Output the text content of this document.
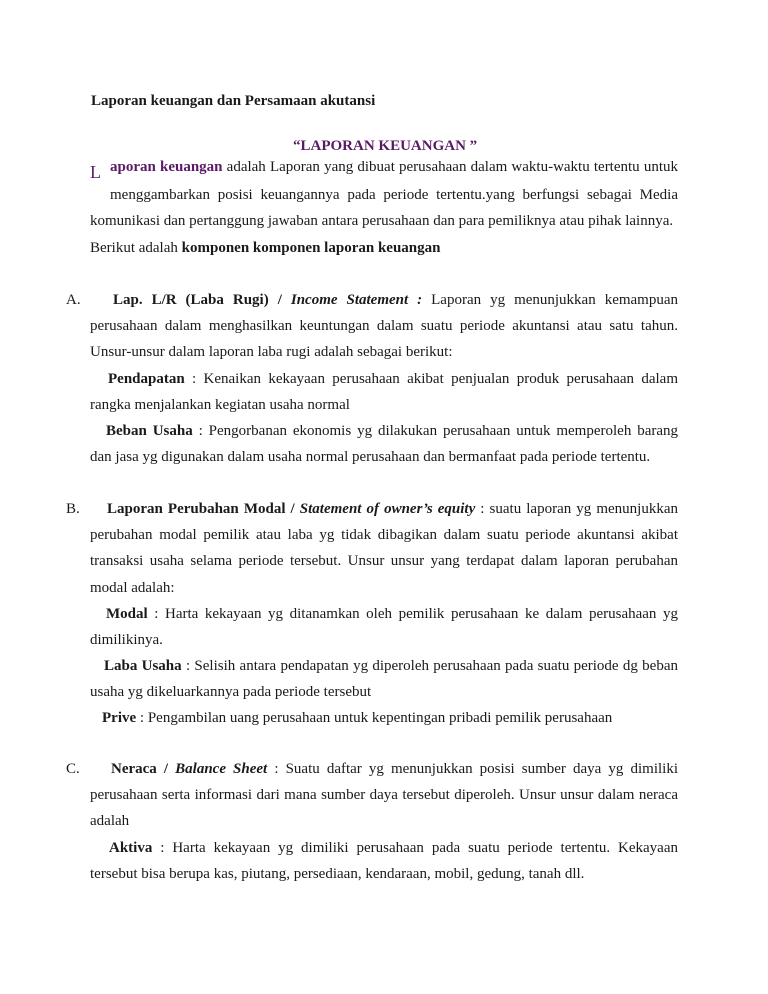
Laporan keuangan dan Persamaan akutansi
“LAPORAN KEUANGAN ”
L aporan keuangan adalah Laporan yang dibuat perusahaan dalam waktu-waktu tertentu untuk
menggambarkan posisi keuangannya pada periode tertentu.yang berfungsi sebagai Media
komunikasi dan pertanggung jawaban antara perusahaan dan para pemiliknya atau pihak lainnya.
Berikut adalah komponen komponen laporan keuangan
A. Lap. L/R (Laba Rugi) / Income Statement : Laporan yg menunjukkan kemampuan
perusahaan dalam menghasilkan keuntungan dalam suatu periode akuntansi atau satu tahun.
Unsur-unsur dalam laporan laba rugi adalah sebagai berikut:
Pendapatan : Kenaikan kekayaan perusahaan akibat penjualan produk perusahaan dalam
rangka menjalankan kegiatan usaha normal
Beban Usaha : Pengorbanan ekonomis yg dilakukan perusahaan untuk memperoleh barang
dan jasa yg digunakan dalam usaha normal perusahaan dan bermanfaat pada periode tertentu.
B. Laporan Perubahan Modal / Statement of owner’s equity : suatu laporan yg menunjukkan
perubahan modal pemilik atau laba yg tidak dibagikan dalam suatu periode akuntansi akibat
transaksi usaha selama periode tersebut. Unsur unsur yang terdapat dalam laporan perubahan
modal adalah:
Modal : Harta kekayaan yg ditanamkan oleh pemilik perusahaan ke dalam perusahaan yg
dimilikinya.
Laba Usaha : Selisih antara pendapatan yg diperoleh perusahaan pada suatu periode dg beban
usaha yg dikeluarkannya pada periode tersebut
Prive : Pengambilan uang perusahaan untuk kepentingan pribadi pemilik perusahaan
C. Neraca / Balance Sheet : Suatu daftar yg menunjukkan posisi sumber daya yg dimiliki
perusahaan serta informasi dari mana sumber daya tersebut diperoleh. Unsur unsur dalam neraca
adalah
Aktiva : Harta kekayaan yg dimiliki perusahaan pada suatu periode tertentu. Kekayaan
tersebut bisa berupa kas, piutang, persediaan, kendaraan, mobil, gedung, tanah dll.
